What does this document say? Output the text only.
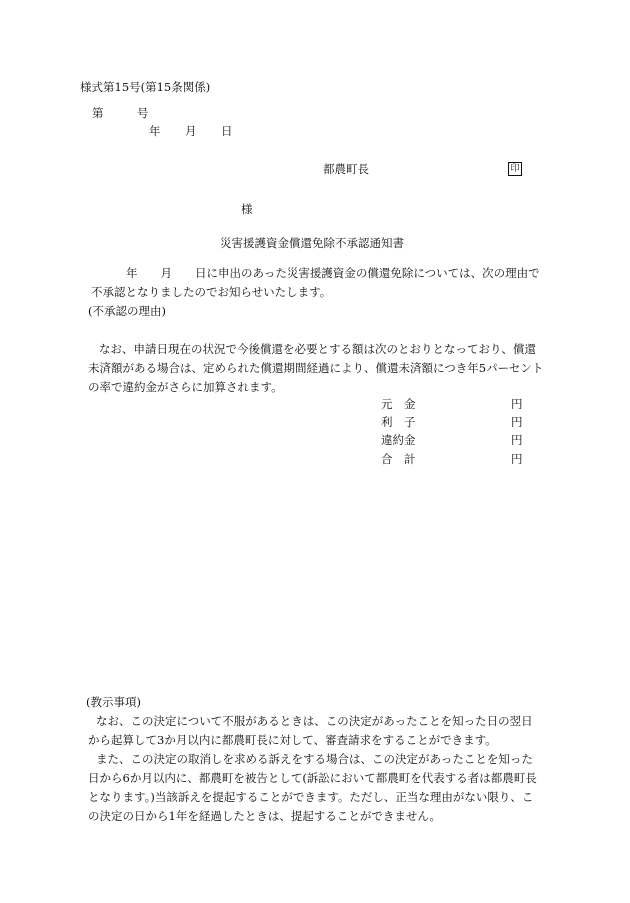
様式第15号(第15条関係)
第	号
年 月 日
都農町長	印
様
災害援護資金償還免除不承認通知書

年　　月　　日に申出のあった災害援護資金の償還免除については、次の理由で

不承認となりましたのでお知らせいたします。

(不承認の理由)

なお、申請日現在の状況で今後償還を必要とする額は次のとおりとなっており、償還

未済額がある場合は、定められた償還期間経過により、償還未済額につき年5パーセント

の率で違約金がさらに加算されます。

元　金	円
利　子	円
違約金	円
合　計	円

(教示事項)

なお、この決定について不服があるときは、この決定があったことを知った日の翌日

から起算して3か月以内に都農町長に対して、審査請求をすることができます。

また、この決定の取消しを求める訴えをする場合は、この決定があったことを知った

日から6か月以内に、都農町を被告として(訴訟において都農町を代表する者は都農町長

となります。)当該訴えを提起することができます。ただし、正当な理由がない限り、こ

の決定の日から1年を経過したときは、提起することができません。
